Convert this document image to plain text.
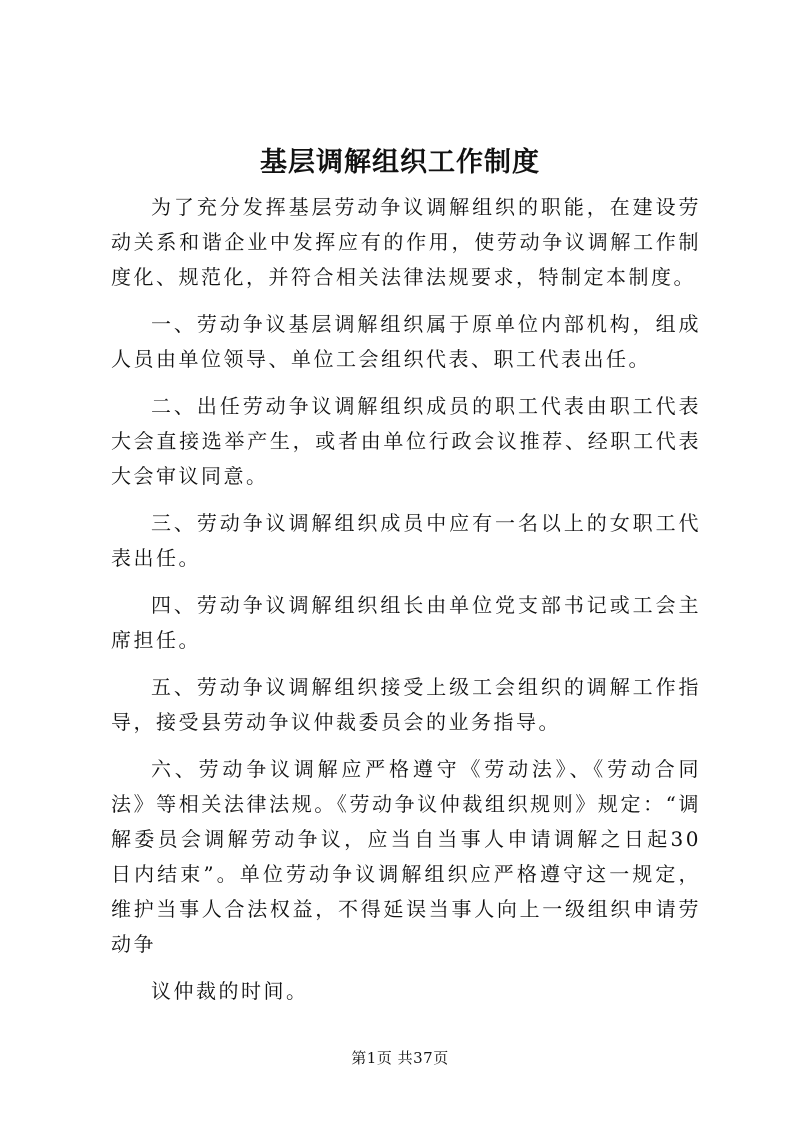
基层调解组织工作制度

为了充分发挥基层劳动争议调解组织的职能，在建设劳动关系和谐企业中发挥应有的作用，使劳动争议调解工作制度化、规范化，并符合相关法律法规要求，特制定本制度。

一、劳动争议基层调解组织属于原单位内部机构，组成人员由单位领导、单位工会组织代表、职工代表出任。

二、出任劳动争议调解组织成员的职工代表由职工代表大会直接选举产生，或者由单位行政会议推荐、经职工代表大会审议同意。

三、劳动争议调解组织成员中应有一名以上的女职工代表出任。

四、劳动争议调解组织组长由单位党支部书记或工会主席担任。

五、劳动争议调解组织接受上级工会组织的调解工作指导，接受县劳动争议仲裁委员会的业务指导。

六、劳动争议调解应严格遵守《劳动法》、《劳动合同法》等相关法律法规。《劳动争议仲裁组织规则》规定：“调解委员会调解劳动争议，应当自当事人申请调解之日起30日内结束”。单位劳动争议调解组织应严格遵守这一规定，维护当事人合法权益，不得延误当事人向上一级组织申请劳动争

议仲裁的时间。

第1页 共37页
